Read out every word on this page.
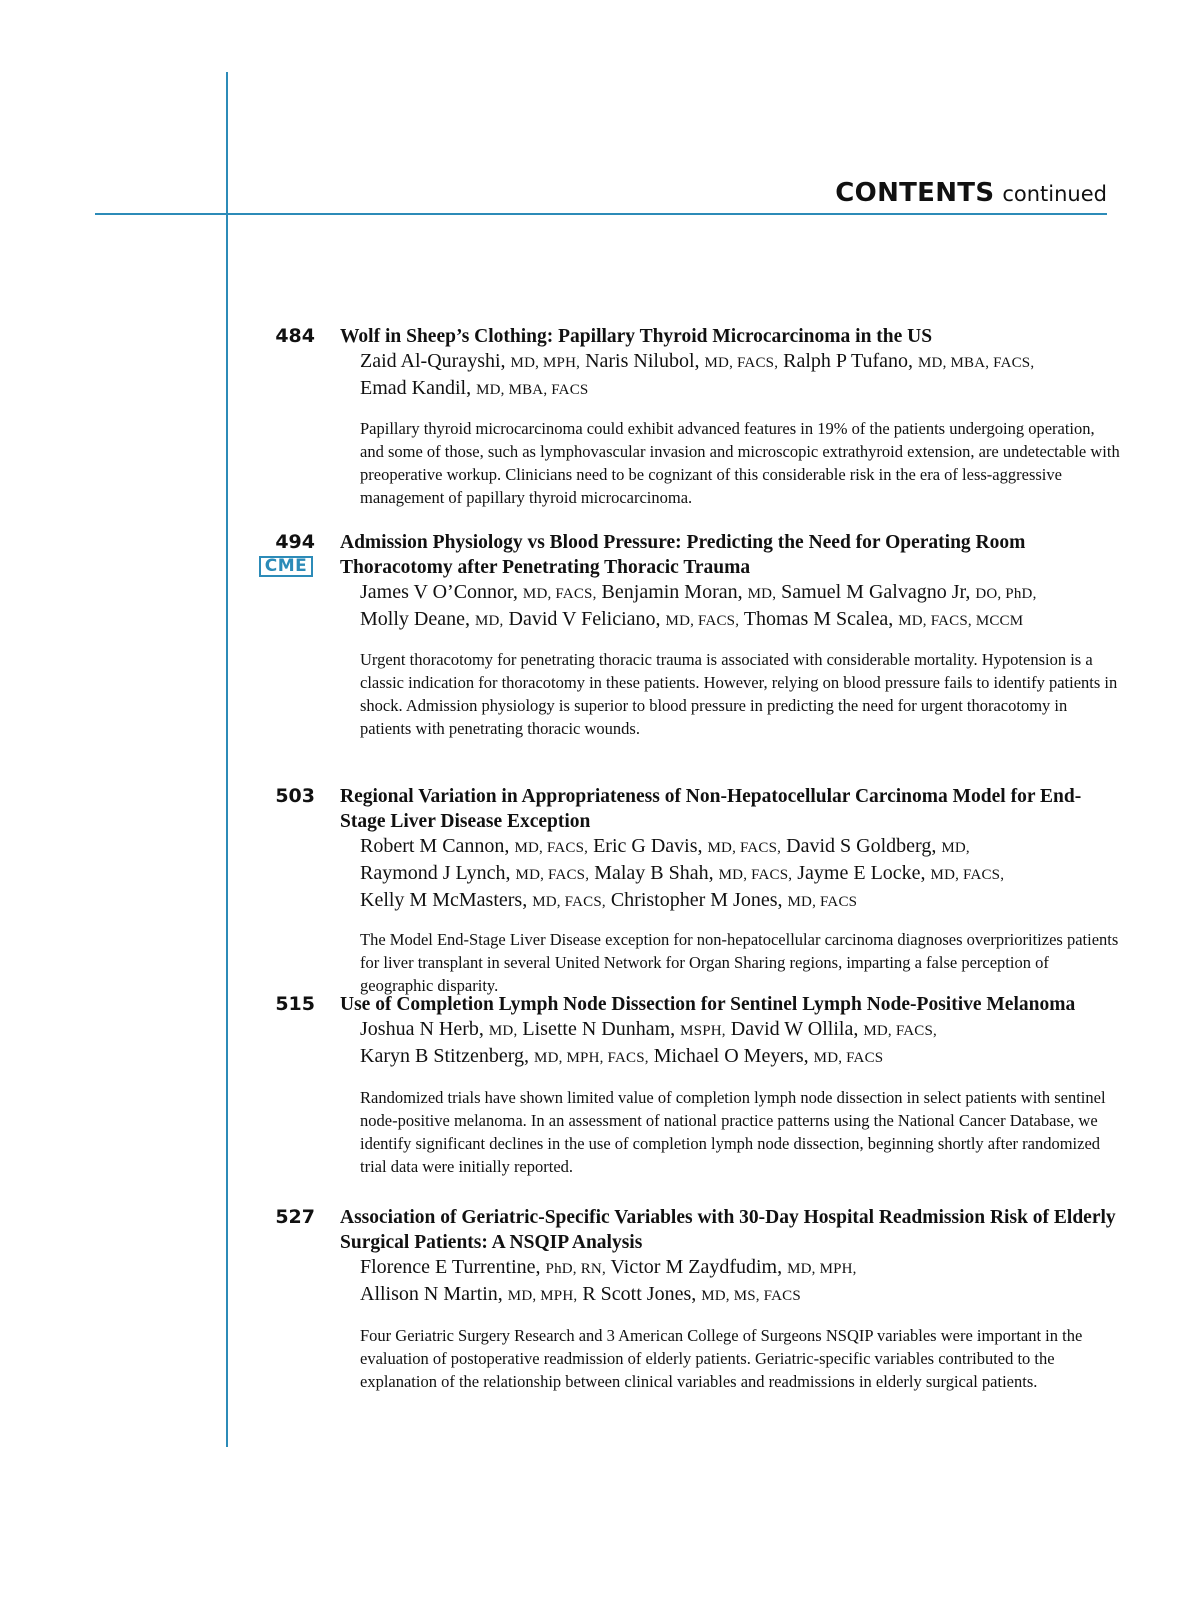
CONTENTS continued
484 Wolf in Sheep’s Clothing: Papillary Thyroid Microcarcinoma in the US
Zaid Al-Qurayshi, MD, MPH, Naris Nilubol, MD, FACS, Ralph P Tufano, MD, MBA, FACS,
Emad Kandil, MD, MBA, FACS
Papillary thyroid microcarcinoma could exhibit advanced features in 19% of the patients undergoing operation, and some of those, such as lymphovascular invasion and microscopic extrathyroid extension, are undetectable with preoperative workup. Clinicians need to be cognizant of this considerable risk in the era of less-aggressive management of papillary thyroid microcarcinoma.
494
CME
Admission Physiology vs Blood Pressure: Predicting the Need for Operating Room Thoracotomy after Penetrating Thoracic Trauma
James V O’Connor, MD, FACS, Benjamin Moran, MD, Samuel M Galvagno Jr, DO, PhD,
Molly Deane, MD, David V Feliciano, MD, FACS, Thomas M Scalea, MD, FACS, MCCM
Urgent thoracotomy for penetrating thoracic trauma is associated with considerable mortality. Hypotension is a classic indication for thoracotomy in these patients. However, relying on blood pressure fails to identify patients in shock. Admission physiology is superior to blood pressure in predicting the need for urgent thoracotomy in patients with penetrating thoracic wounds.
503 Regional Variation in Appropriateness of Non-Hepatocellular Carcinoma Model for End-Stage Liver Disease Exception
Robert M Cannon, MD, FACS, Eric G Davis, MD, FACS, David S Goldberg, MD,
Raymond J Lynch, MD, FACS, Malay B Shah, MD, FACS, Jayme E Locke, MD, FACS,
Kelly M McMasters, MD, FACS, Christopher M Jones, MD, FACS
The Model End-Stage Liver Disease exception for non-hepatocellular carcinoma diagnoses overprioritizes patients for liver transplant in several United Network for Organ Sharing regions, imparting a false perception of geographic disparity.
515 Use of Completion Lymph Node Dissection for Sentinel Lymph Node-Positive Melanoma
Joshua N Herb, MD, Lisette N Dunham, MSPH, David W Ollila, MD, FACS,
Karyn B Stitzenberg, MD, MPH, FACS, Michael O Meyers, MD, FACS
Randomized trials have shown limited value of completion lymph node dissection in select patients with sentinel node-positive melanoma. In an assessment of national practice patterns using the National Cancer Database, we identify significant declines in the use of completion lymph node dissection, beginning shortly after randomized trial data were initially reported.
527 Association of Geriatric-Specific Variables with 30-Day Hospital Readmission Risk of Elderly Surgical Patients: A NSQIP Analysis
Florence E Turrentine, PhD, RN, Victor M Zaydfudim, MD, MPH,
Allison N Martin, MD, MPH, R Scott Jones, MD, MS, FACS
Four Geriatric Surgery Research and 3 American College of Surgeons NSQIP variables were important in the evaluation of postoperative readmission of elderly patients. Geriatric-specific variables contributed to the explanation of the relationship between clinical variables and readmissions in elderly surgical patients.
